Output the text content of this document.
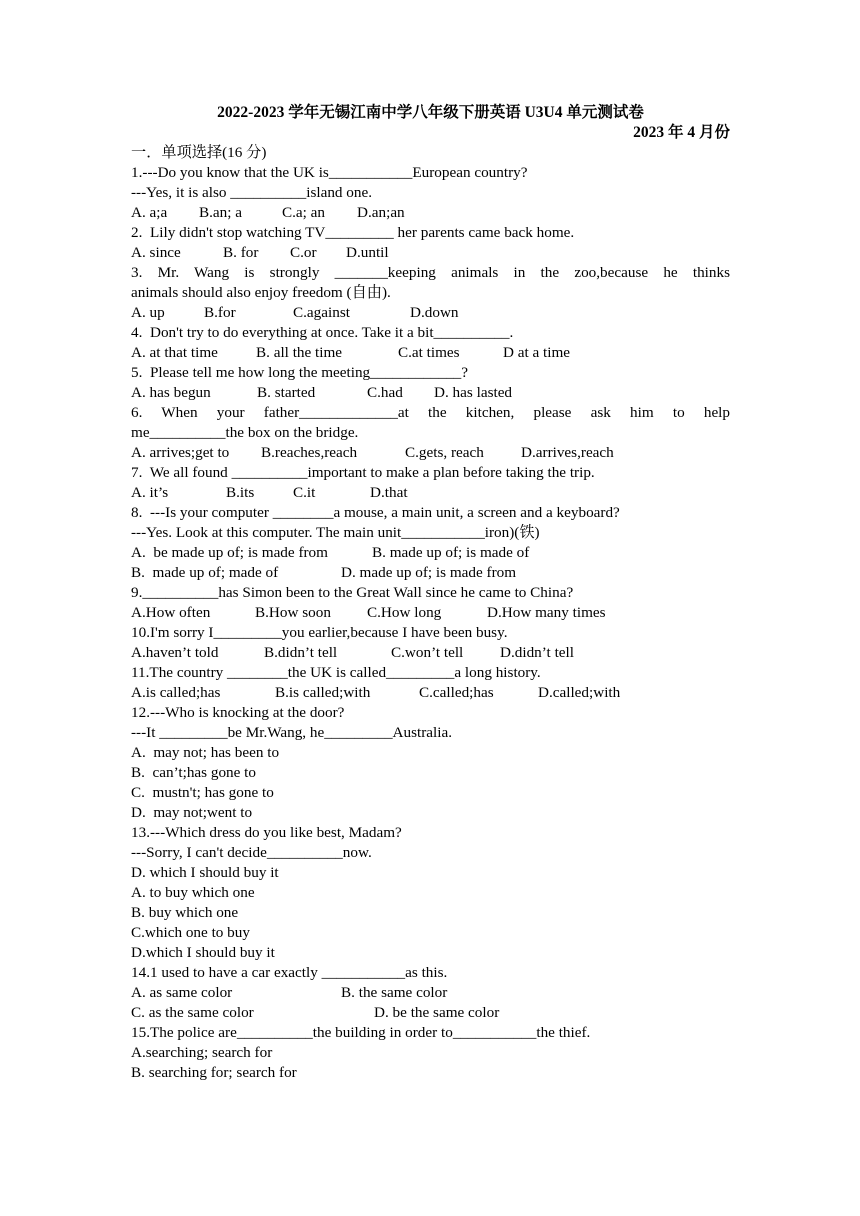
2022-2023 学年无锡江南中学八年级下册英语 U3U4 单元测试卷
2023 年 4 月份
一．单项选择(16 分)
1.---Do you know that the UK is___________European country?
---Yes, it is also __________island one.
A. a;a	B.an; a	C.a; an	D.an;an
2.  Lily didn't stop watching TV_________ her parents came back home.
A. since	B. for	C.or	D.until
3. Mr. Wang is strongly _______keeping animals in the zoo,because he thinks
animals should also enjoy freedom (自由).
A. up	B.for	C.against	D.down
4.  Don't try to do everything at once. Take it a bit__________.
A. at that time	B. all the time	C.at times	D at a time
5.  Please tell me how long the meeting____________?
A. has begun	B. started	C.had	D. has lasted
6. When your father_____________at the kitchen, please ask him to help
me__________the box on the bridge.
A. arrives;get to	B.reaches,reach	C.gets, reach	D.arrives,reach
7.  We all found __________important to make a plan before taking the trip.
A. it’s	B.its	C.it	D.that
8.  ---Is your computer ________a mouse, a main unit, a screen and a keyboard?
---Yes. Look at this computer. The main unit___________iron)(铁)
A.  be made up of; is made from	B. made up of; is made of
B.  made up of; made of	D. made up of; is made from
9.__________has Simon been to the Great Wall since he came to China?
A.How often	B.How soon	C.How long	D.How many times
10.I'm sorry I_________you earlier,because I have been busy.
A.haven’t told	B.didn’t tell	C.won’t tell	D.didn’t tell
11.The country ________the UK is called_________a long history.
A.is called;has	B.is called;with	C.called;has	D.called;with
12.---Who is knocking at the door?
---It _________be Mr.Wang, he_________Australia.
A.  may not; has been to
B.  can’t;has gone to
C.  mustn't; has gone to
D.  may not;went to
13.---Which dress do you like best, Madam?
---Sorry, I can't decide__________now.
D. which I should buy it
A. to buy which one
B. buy which one
C.which one to buy
D.which I should buy it
14.1 used to have a car exactly ___________as this.
A. as same color	B. the same color
C. as the same color	D. be the same color
15.The police are__________the building in order to___________the thief.
A.searching; search for
B. searching for; search for
